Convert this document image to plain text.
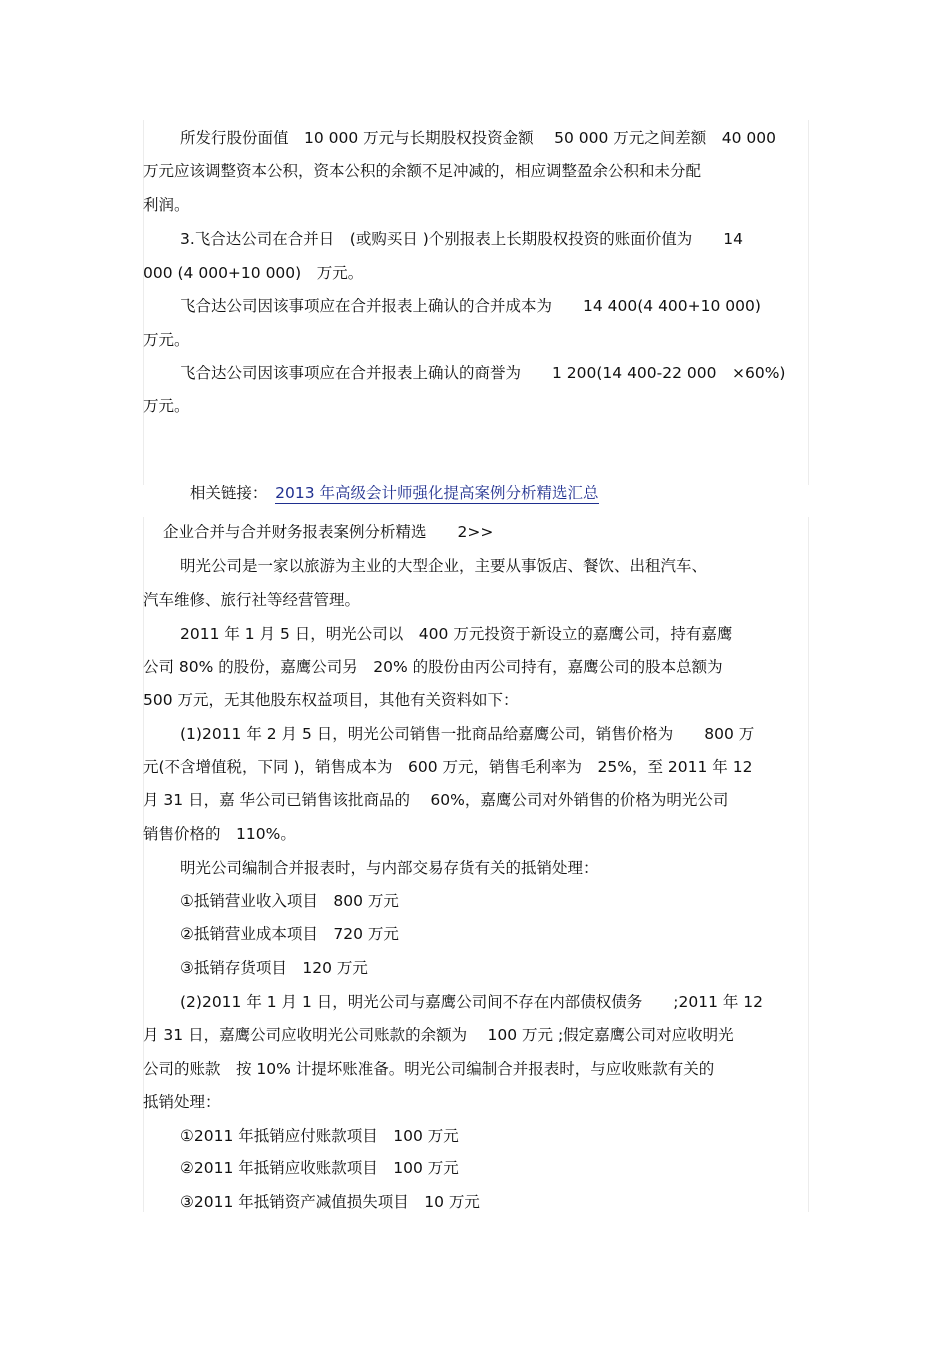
所发行股份面值　10 000 万元与长期股权投资金额　 50 000 万元之间差额　40 000
万元应该调整资本公积，资本公积的余额不足冲减的，相应调整盈余公积和未分配
利润。
3.飞合达公司在合并日　(或购买日 )个别报表上长期股权投资的账面价值为　　14
000 (4 000+10 000)　万元。
飞合达公司因该事项应在合并报表上确认的合并成本为　　14 400(4 400+10 000)
万元。
飞合达公司因该事项应在合并报表上确认的商誉为　　1 200(14 400-22 000　×60%)
万元。

相关链接：　 2013 年高级会计师强化提高案例分析精选汇总

企业合并与合并财务报表案例分析精选　　2>>
明光公司是一家以旅游为主业的大型企业，主要从事饭店、餐饮、出租汽车、
汽车维修、旅行社等经营管理。
2011 年 1 月 5 日，明光公司以　400 万元投资于新设立的嘉鹰公司，持有嘉鹰
公司 80% 的股份，嘉鹰公司另　20% 的股份由丙公司持有，嘉鹰公司的股本总额为
500 万元，无其他股东权益项目，其他有关资料如下：
(1)2011 年 2 月 5 日，明光公司销售一批商品给嘉鹰公司，销售价格为　　800 万
元(不含增值税，下同 )，销售成本为　600 万元，销售毛利率为　25%，至 2011 年 12
月 31 日，嘉 华公司已销售该批商品的　 60%，嘉鹰公司对外销售的价格为明光公司
销售价格的　110%。
明光公司编制合并报表时，与内部交易存货有关的抵销处理：
①抵销营业收入项目　800 万元
②抵销营业成本项目　720 万元
③抵销存货项目　120 万元
(2)2011 年 1 月 1 日，明光公司与嘉鹰公司间不存在内部债权债务　　;2011 年 12
月 31 日，嘉鹰公司应收明光公司账款的余额为　 100 万元 ;假定嘉鹰公司对应收明光
公司的账款　按 10% 计提坏账准备。明光公司编制合并报表时，与应收账款有关的
抵销处理：
①2011 年抵销应付账款项目　100 万元
②2011 年抵销应收账款项目　100 万元
③2011 年抵销资产减值损失项目　10 万元
